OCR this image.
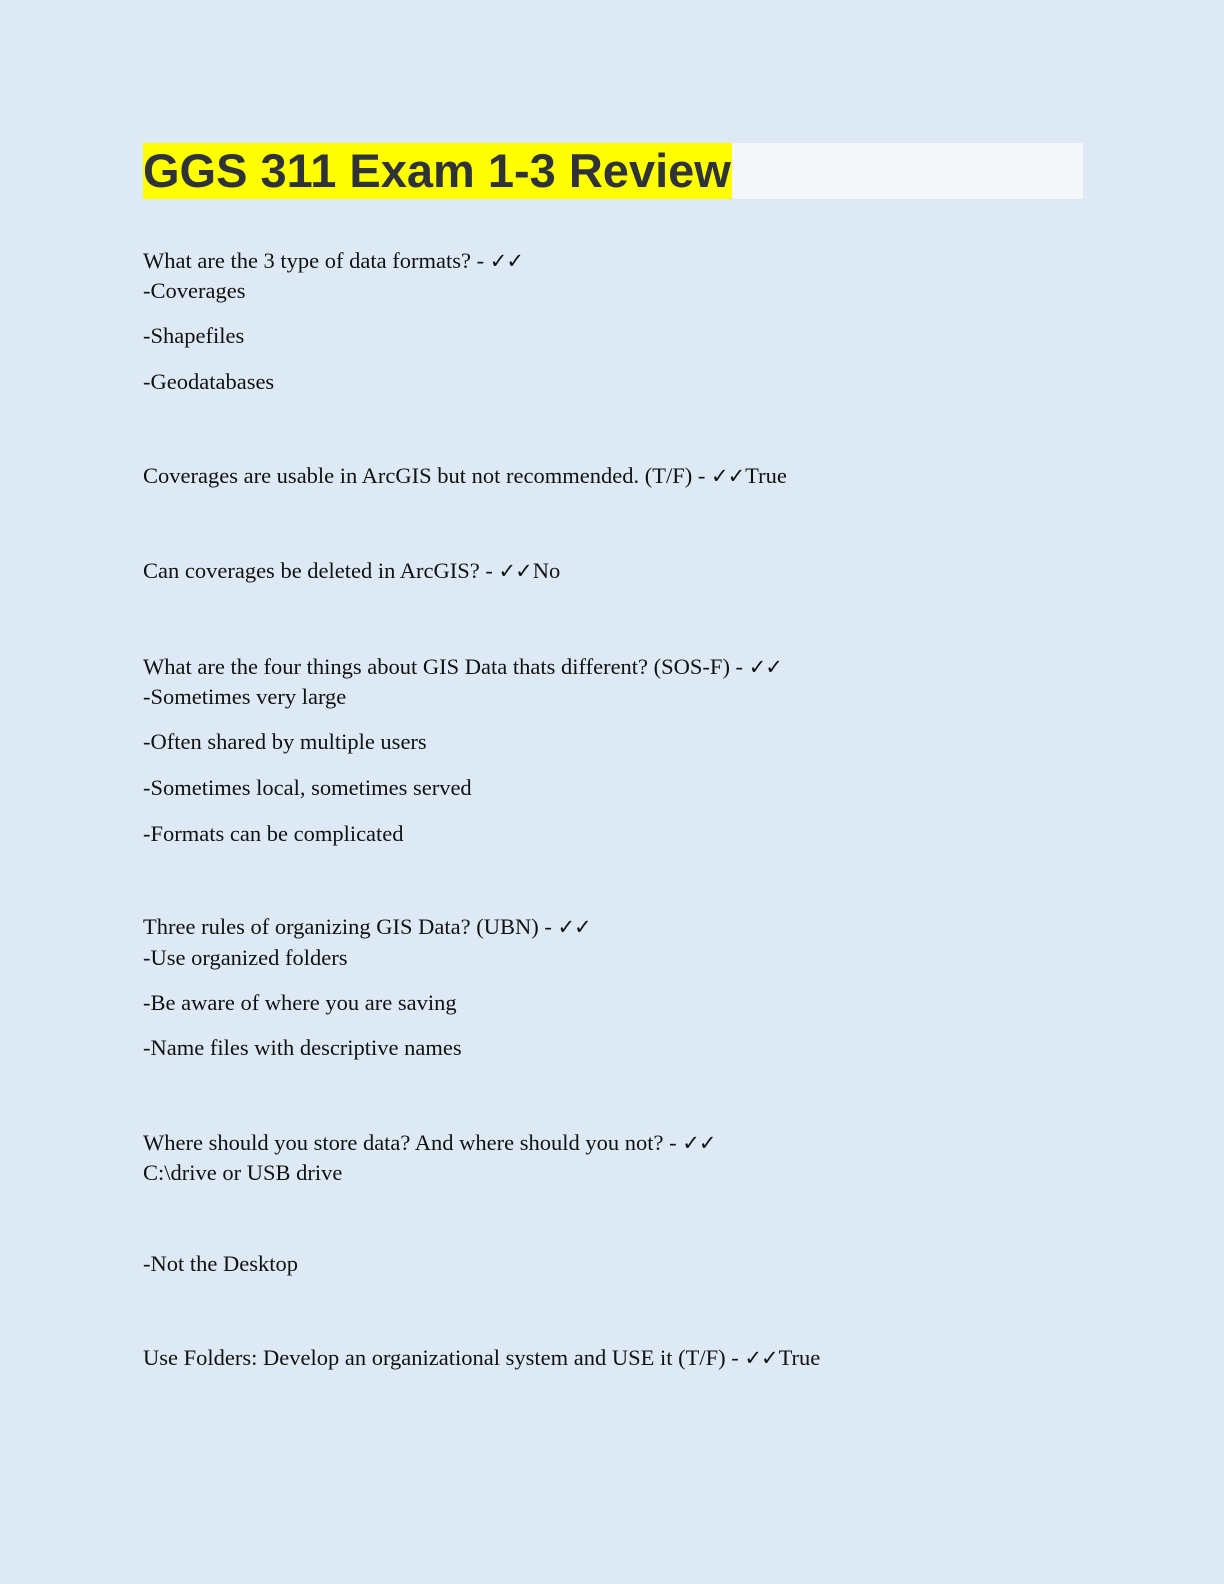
GGS 311 Exam 1-3 Review
What are the 3 type of data formats? - ✓✓
-Coverages
-Shapefiles
-Geodatabases
Coverages are usable in ArcGIS but not recommended. (T/F) - ✓✓True
Can coverages be deleted in ArcGIS? - ✓✓No
What are the four things about GIS Data thats different? (SOS-F) - ✓✓
-Sometimes very large
-Often shared by multiple users
-Sometimes local, sometimes served
-Formats can be complicated
Three rules of organizing GIS Data? (UBN) - ✓✓
-Use organized folders
-Be aware of where you are saving
-Name files with descriptive names
Where should you store data? And where should you not? - ✓✓
C:\drive or USB drive
-Not the Desktop
Use Folders: Develop an organizational system and USE it (T/F) - ✓✓True
